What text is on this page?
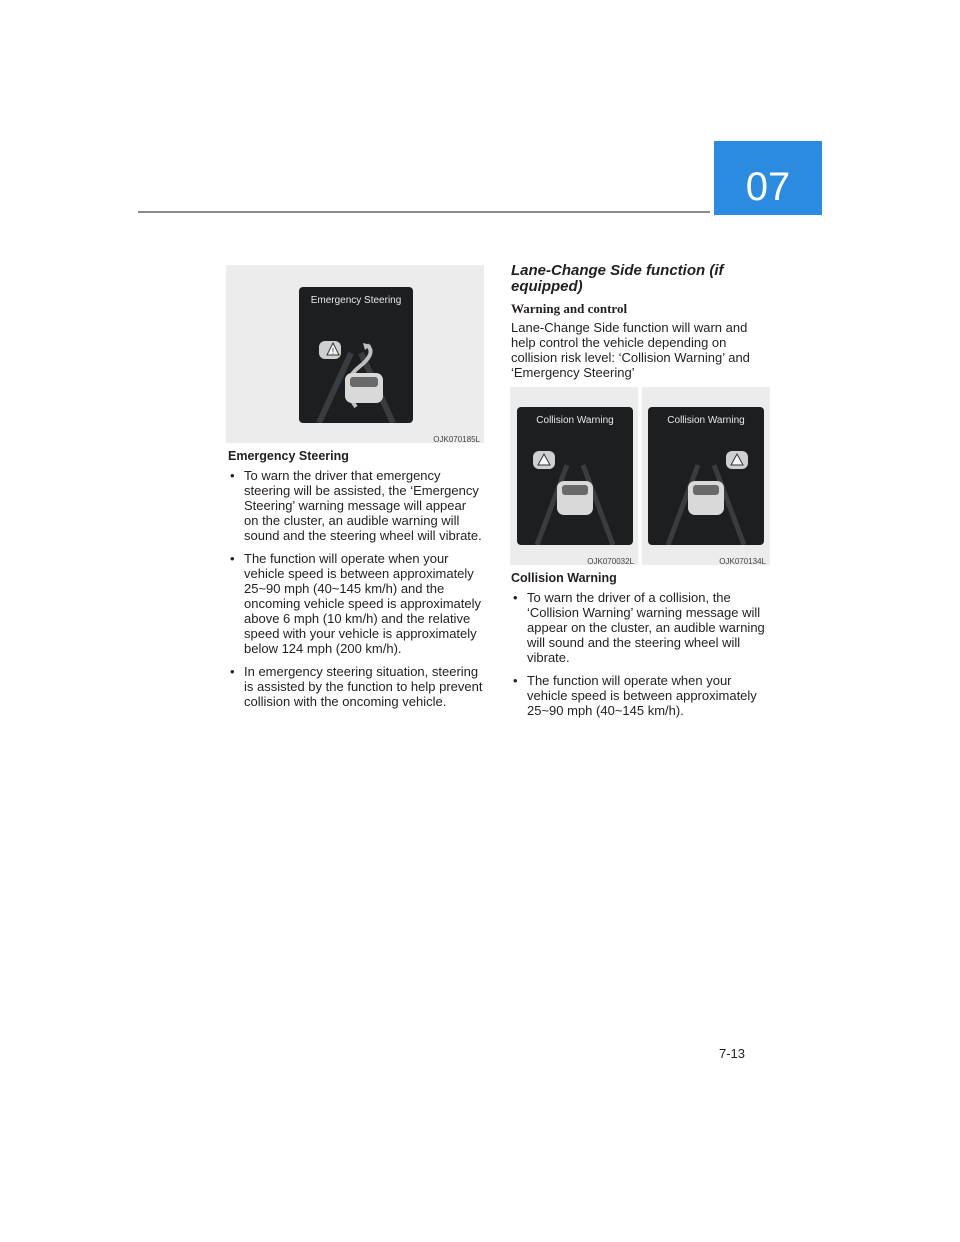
07
Emergency Steering
!
OJK070185L
Emergency Steering
• To warn the driver that emergency steering will be assisted, the ‘Emergency Steering’ warning message will appear on the cluster, an audible warning will sound and the steering wheel will vibrate.
• The function will operate when your vehicle speed is between approximately 25~90 mph (40~145 km/h) and the oncoming vehicle speed is approximately above 6 mph (10 km/h) and the relative speed with your vehicle is approximately below 124 mph (200 km/h).
• In emergency steering situation, steering is assisted by the function to help prevent collision with the oncoming vehicle.

Lane-Change Side function (if equipped)

Warning and control

Lane-Change Side function will warn and help control the vehicle depending on collision risk level: ‘Collision Warning’ and ‘Emergency Steering’

Collision Warning
OJK070032L
Collision Warning
OJK070134L
Collision Warning
• To warn the driver of a collision, the ‘Collision Warning’ warning message will appear on the cluster, an audible warning will sound and the steering wheel will vibrate.
• The function will operate when your vehicle speed is between approximately 25~90 mph (40~145 km/h).
7-13
